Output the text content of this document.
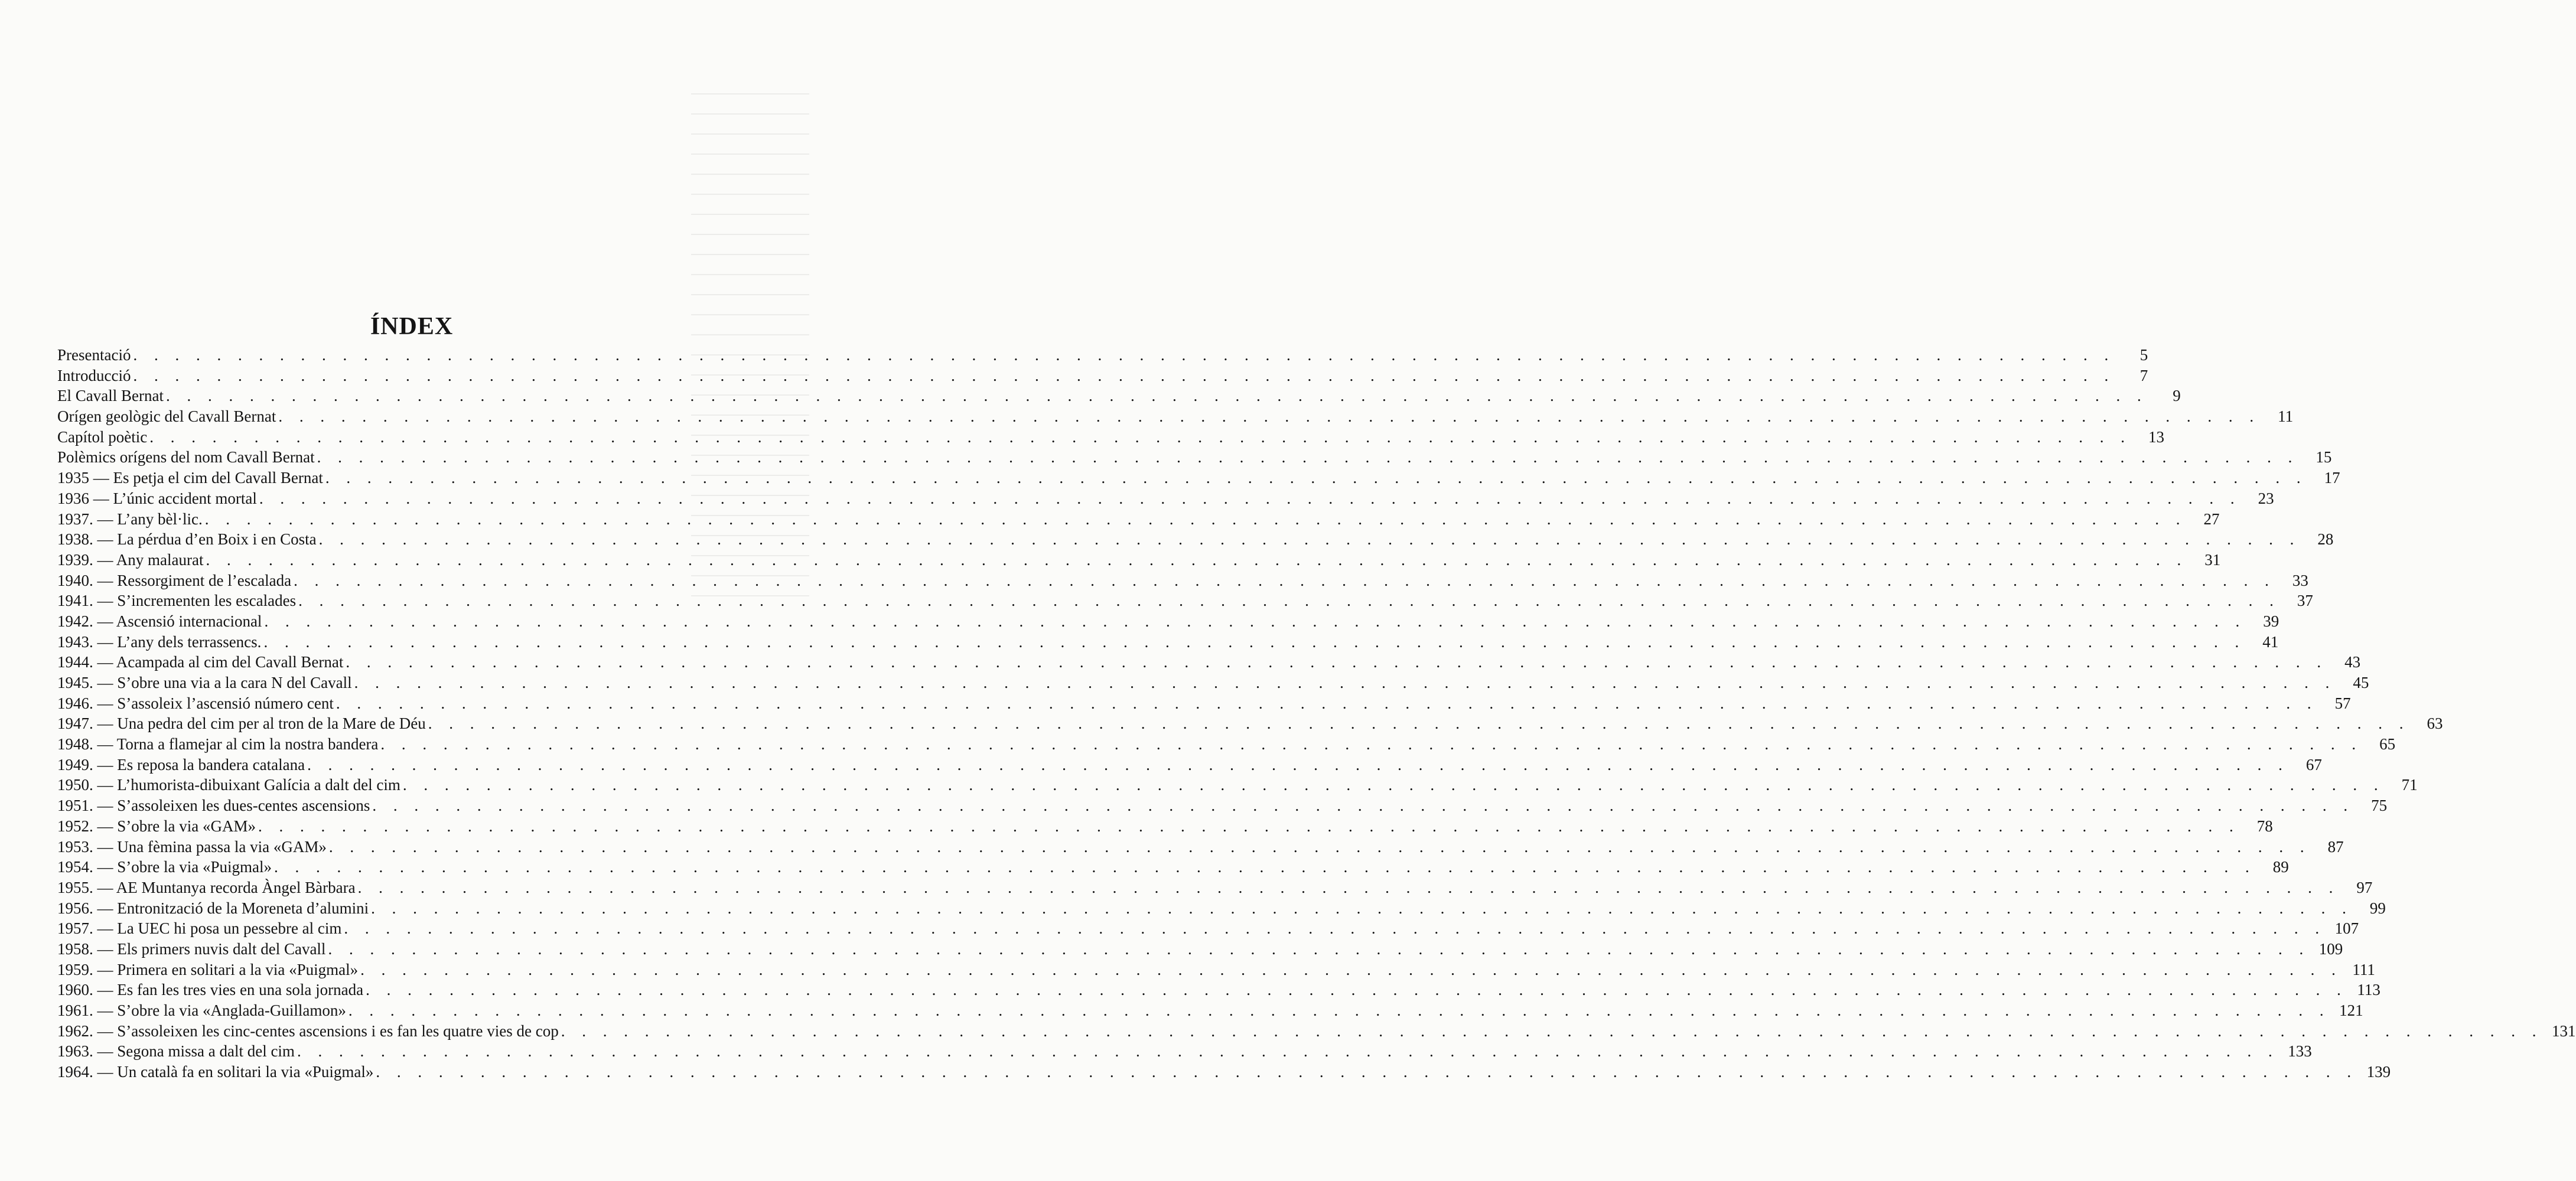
ÍNDEX
Presentació . . .	5
Introducció . . .	7
El Cavall Bernat . . .	9
Orígen geològic del Cavall Bernat . . .	11
Capítol poètic . . .	13
Polèmics orígens del nom Cavall Bernat . . .	15
1935 — Es petja el cim del Cavall Bernat . . .	17
1936 — L’únic accident mortal . . .	23
1937. — L’any bèl·lic. . . .	27
1938. — La pérdua d’en Boix i en Costa . . .	28
1939. — Any malaurat . . .	31
1940. — Ressorgiment de l’escalada . . .	33
1941. — S’incrementen les escalades . . .	37
1942. — Ascensió internacional . . .	39
1943. — L’any dels terrassencs. . . .	41
1944. — Acampada al cim del Cavall Bernat . . .	43
1945. — S’obre una via a la cara N del Cavall . . .	45
1946. — S’assoleix l’ascensió número cent . . .	57
1947. — Una pedra del cim per al tron de la Mare de Déu . . .	63
1948. — Torna a flamejar al cim la nostra bandera . . .	65
1949. — Es reposa la bandera catalana . . .	67
1950. — L’humorista-dibuixant Galícia a dalt del cim . . .	71
1951. — S’assoleixen les dues-centes ascensions . . .	75
1952. — S’obre la via «GAM» . . .	78
1953. — Una fèmina passa la via «GAM» . . .	87
1954. — S’obre la via «Puigmal» . . .	89
1955. — AE Muntanya recorda Àngel Bàrbara . . .	97
1956. — Entronització de la Moreneta d’alumini . . .	99
1957. — La UEC hi posa un pessebre al cim . . .	107
1958. — Els primers nuvis dalt del Cavall . . .	109
1959. — Primera en solitari a la via «Puigmal» . . .	111
1960. — Es fan les tres vies en una sola jornada . . .	113
1961. — S’obre la via «Anglada-Guillamon» . . .	121
1962. — S’assoleixen les cinc-centes ascensions i es fan les quatre vies de cop . . .	131
1963. — Segona missa a dalt del cim . . .	133
1964. — Un català fa en solitari la via «Puigmal» . . .	139
